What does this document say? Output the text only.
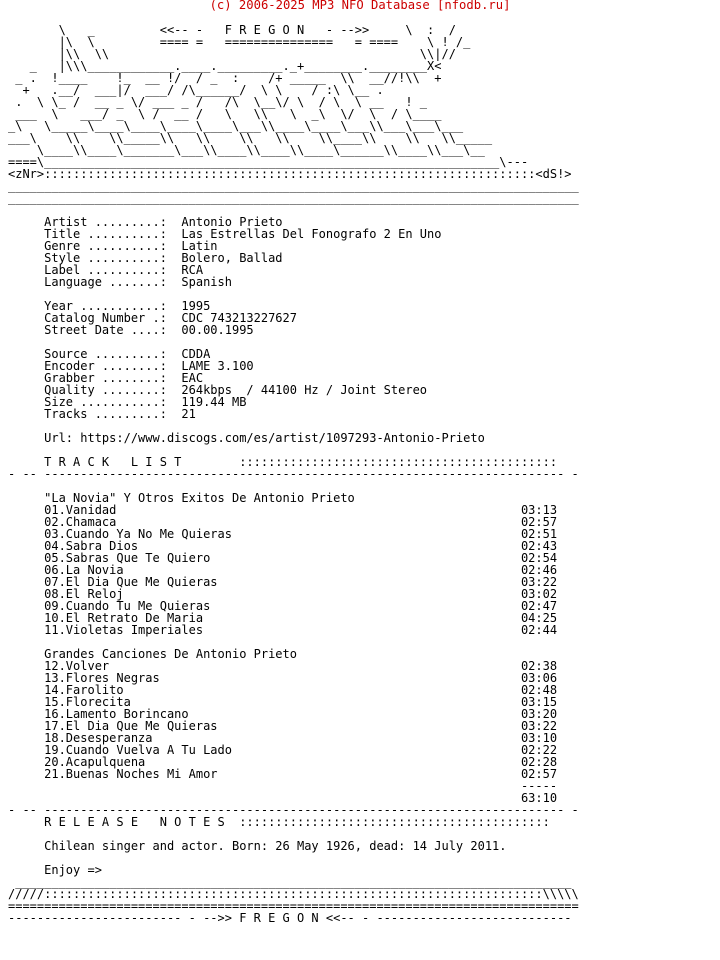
(c) 2006-2025 MP3 NFO Database [nfodb.ru]
\   _         <<-- -   F R E G O N   - -->>     \  :  /
|\  \         ==== =   ===============   = ====    \ ! /_
|\\  \\                                           \\|//
_   |\\\____________.____._________._+________.________X<
_ .  !____    !_  __ !/  / _  :    /+ _____  \\  __//!\\  +
+   .__/  ___|/  ___/ /\______/  \ \    / :\ \__ .
.  \ \_ /  __ _ \/ ___ _ /   /\  \__\/ \  / \  \ __   ! _
___  \   ___/ _  \ /  __ /   \   \\   \  _\  \/  \  / \____
_\   \_____\____\____\____\____\___\\____\____\___\\___\___\___
___\    \\    \\_____\\   \\    \\   \\    \\____\\    \\   \\_____
\____\\____\_______\___\\____\\____\\____\______\\____\\___\__
====\_______________________________________________________________\---
<zNr>::::::::::::::::::::::::::::::::::::::::::::::::::::::::::::::::::::<dS!>
_______________________________________________________________________________
_______________________________________________________________________________
Artist .........:  Antonio Prieto
Title ..........:  Las Estrellas Del Fonografo 2 En Uno
Genre ..........:  Latin
Style ..........:  Bolero, Ballad
Label ..........:  RCA
Language .......:  Spanish
Year ...........:  1995
Catalog Number .:  CDC 743213227627
Street Date ....:  00.00.1995
Source .........:  CDDA
Encoder ........:  LAME 3.100
Grabber ........:  EAC
Quality ........:  264kbps  / 44100 Hz / Joint Stereo
Size ...........:  119.44 MB
Tracks .........:  21
Url: https://www.discogs.com/es/artist/1097293-Antonio-Prieto
T R A C K   L I S T        ::::::::::::::::::::::::::::::::::::::::::::
- -- ------------------------------------------------------------------------ -
"La Novia" Y Otros Exitos De Antonio Prieto
01.Vanidad                                                        03:13
02.Chamaca                                                        02:57
03.Cuando Ya No Me Quieras                                        02:51
04.Sabra Dios                                                     02:43
05.Sabras Que Te Quiero                                           02:54
06.La Novia                                                       02:46
07.El Dia Que Me Quieras                                          03:22
08.El Reloj                                                       03:02
09.Cuando Tu Me Quieras                                           02:47
10.El Retrato De Maria                                            04:25
11.Violetas Imperiales                                            02:44
Grandes Canciones De Antonio Prieto
12.Volver                                                         02:38
13.Flores Negras                                                  03:06
14.Farolito                                                       02:48
15.Florecita                                                      03:15
16.Lamento Borincano                                              03:20
17.El Dia Que Me Quieras                                          03:22
18.Desesperanza                                                   03:10
19.Cuando Vuelva A Tu Lado                                        02:22
20.Acapulquena                                                    02:28
21.Buenas Noches Mi Amor                                          02:57
-----
63:10
- -- ------------------------------------------------------------------------ -
R E L E A S E   N O T E S  :::::::::::::::::::::::::::::::::::::::::::
Chilean singer and actor. Born: 26 May 1926, dead: 14 July 2011.
Enjoy =>
_____________________________________________________________________________
/////:::::::::::::::::::::::::::::::::::::::::::::::::::::::::::::::::::::\\\\\
===============================================================================
------------------------ - -->> F R E G O N <<-- - ---------------------------
